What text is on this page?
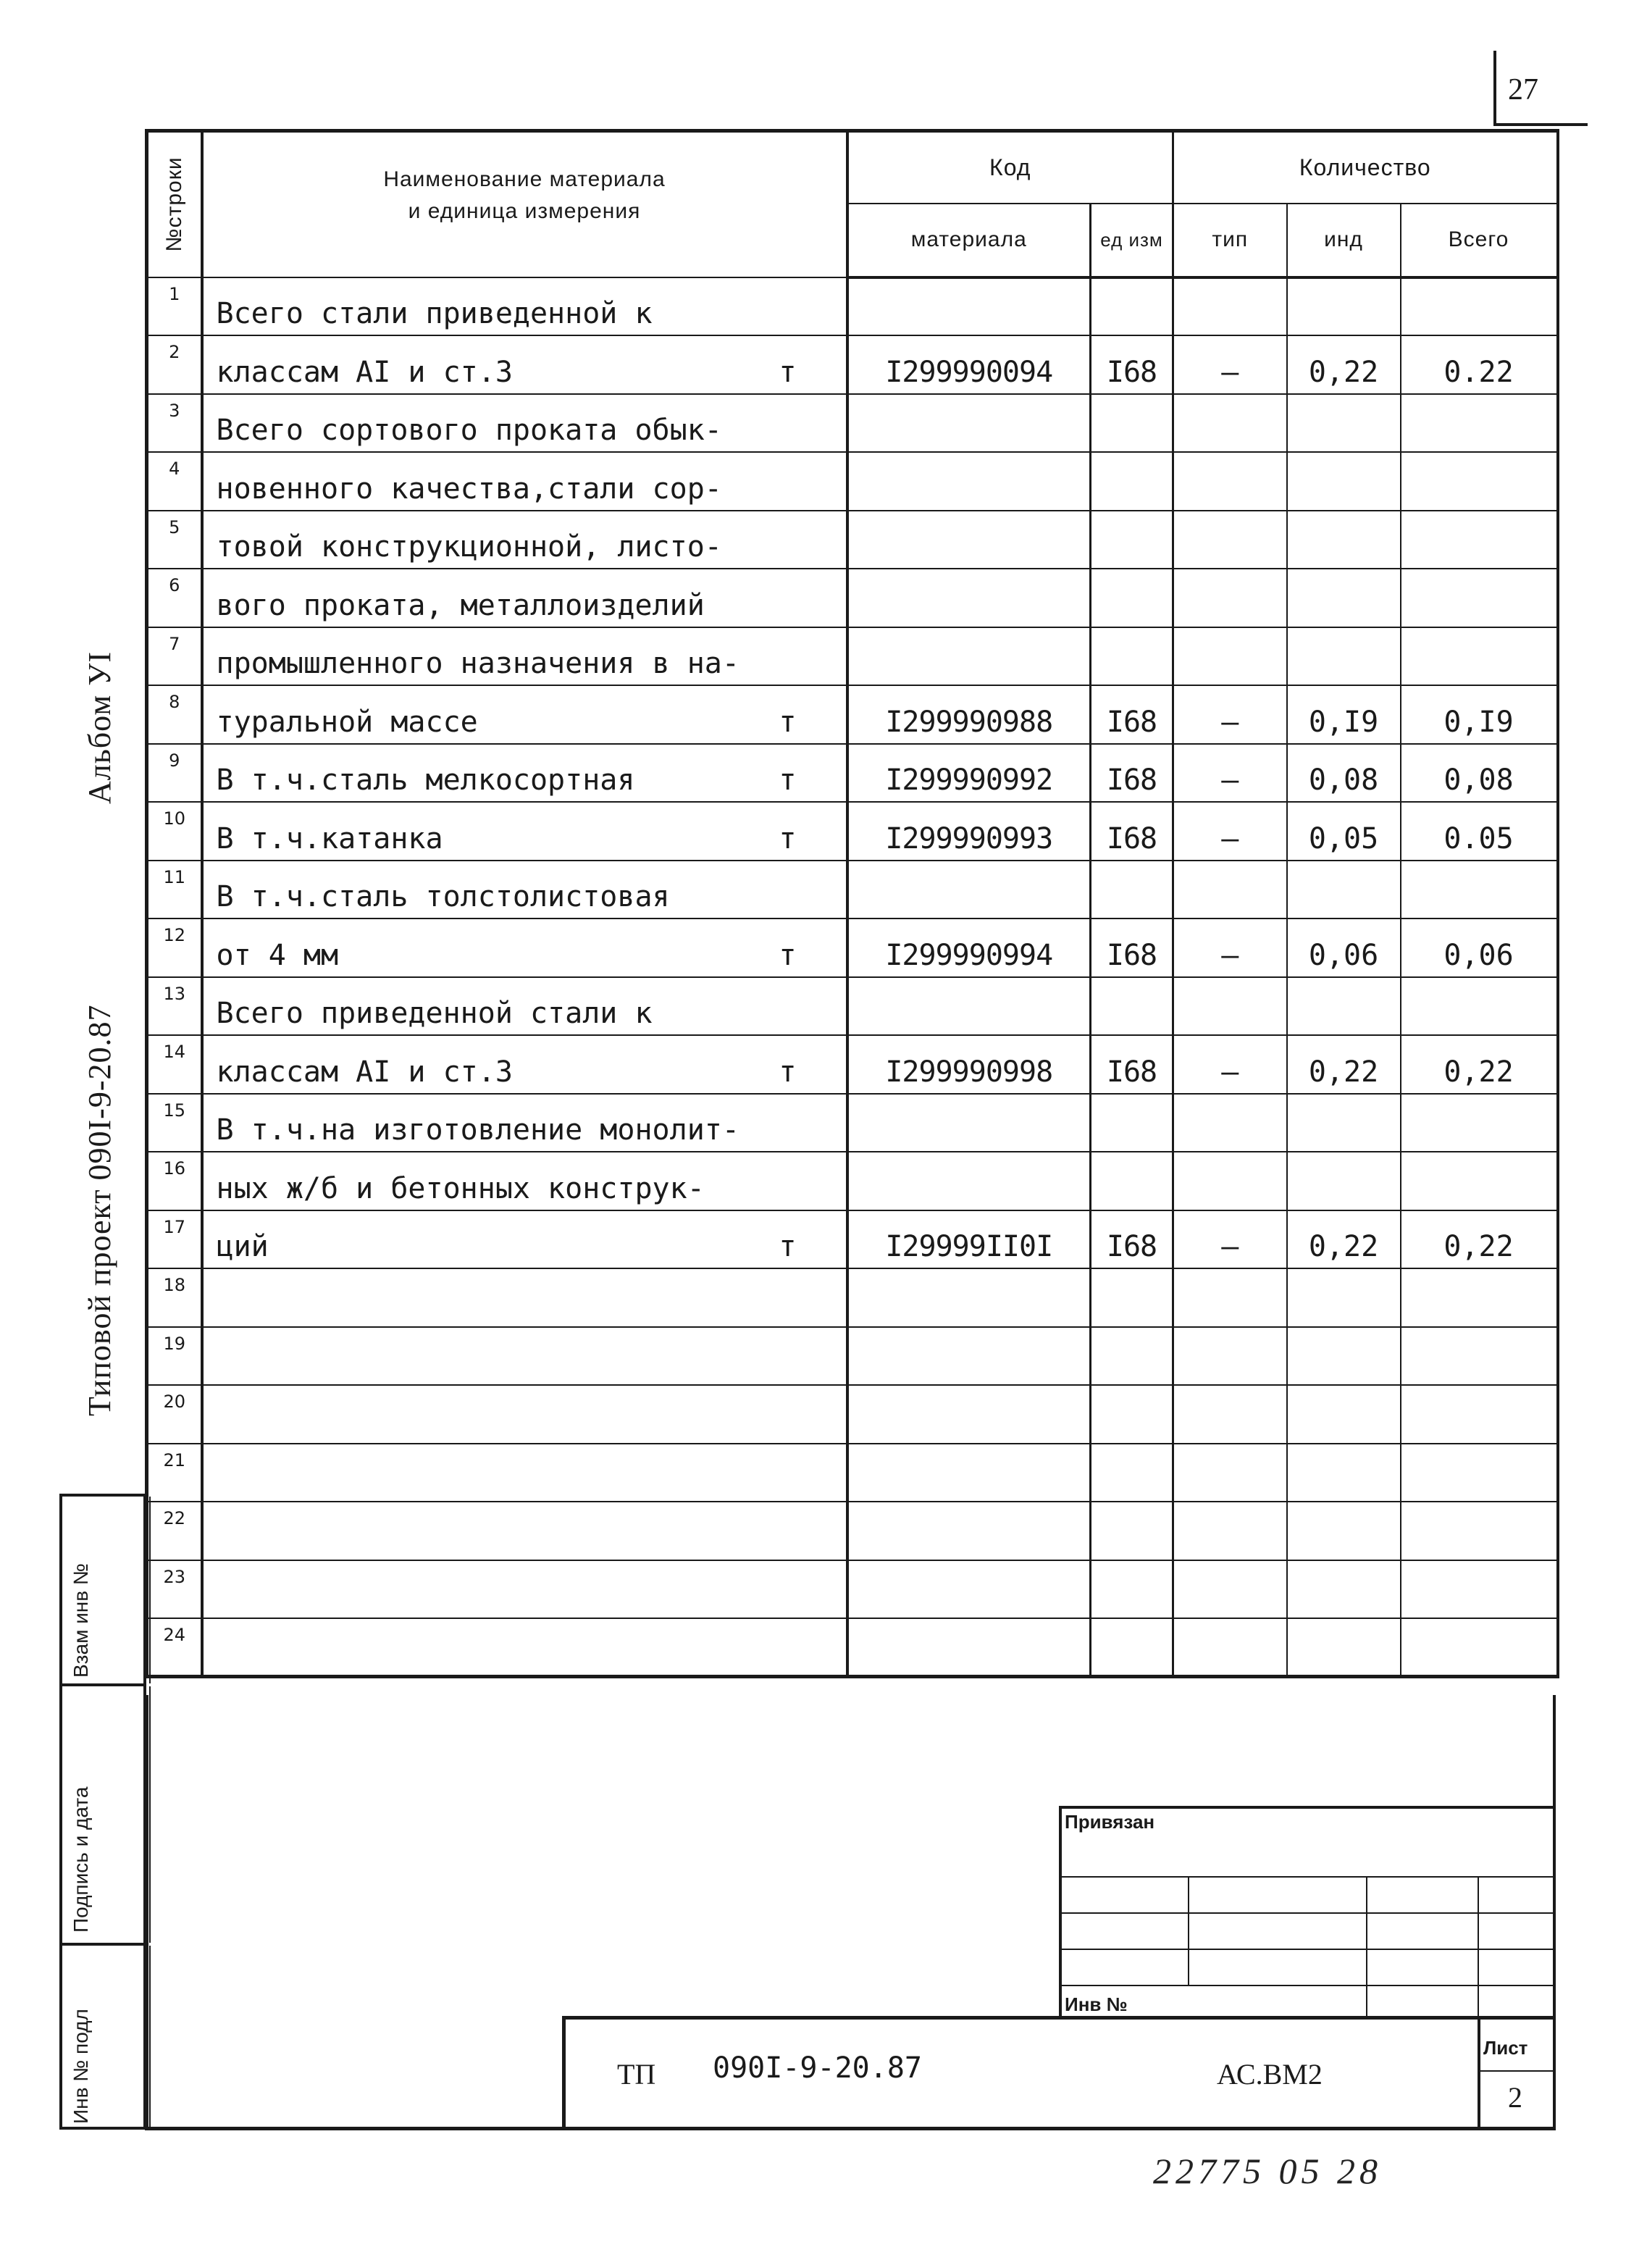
27
№строки	Наименование материала
и единица измерения	Код		Количество		
		материала	ед изм	тип	инд	Всего
1	Всего стали приведенной к

2	классам АI и ст.3 т	I299990094	I68	–	0,22	0.22
3	Всего сортового проката обык-

4	новенного качества,стали сор-

5	товой конструкционной, листо-

6	вого проката, металлоизделий

7	промышленного назначения в на-

8	туральной массе т	I299990988	I68	–	0,I9	0,I9
9	В т.ч.сталь мелкосортная т	I299990992	I68	–	0,08	0,08
10	В т.ч.катанка т	I299990993	I68	–	0,05	0.05
11	В т.ч.сталь толстолистовая

12	от 4 мм т	I299990994	I68	–	0,06	0,06
13	Всего приведенной стали к

14	классам АI и ст.3 т	I299990998	I68	–	0,22	0,22
15	В т.ч.на изготовление монолит-

16	ных ж/б и бетонных конструк-

17	ций т	I29999II0I	I68	–	0,22	0,22
18	

19	

20	

21	

22	

23	

24	

Альбом УI
Типовой проект 090I-9-20.87
Взам инв №
Подпись и дата
Инв № подл
Привязан
Инв №
ТП 090I-9-20.87	АС.ВМ2
Лист
2
22775 05 28
